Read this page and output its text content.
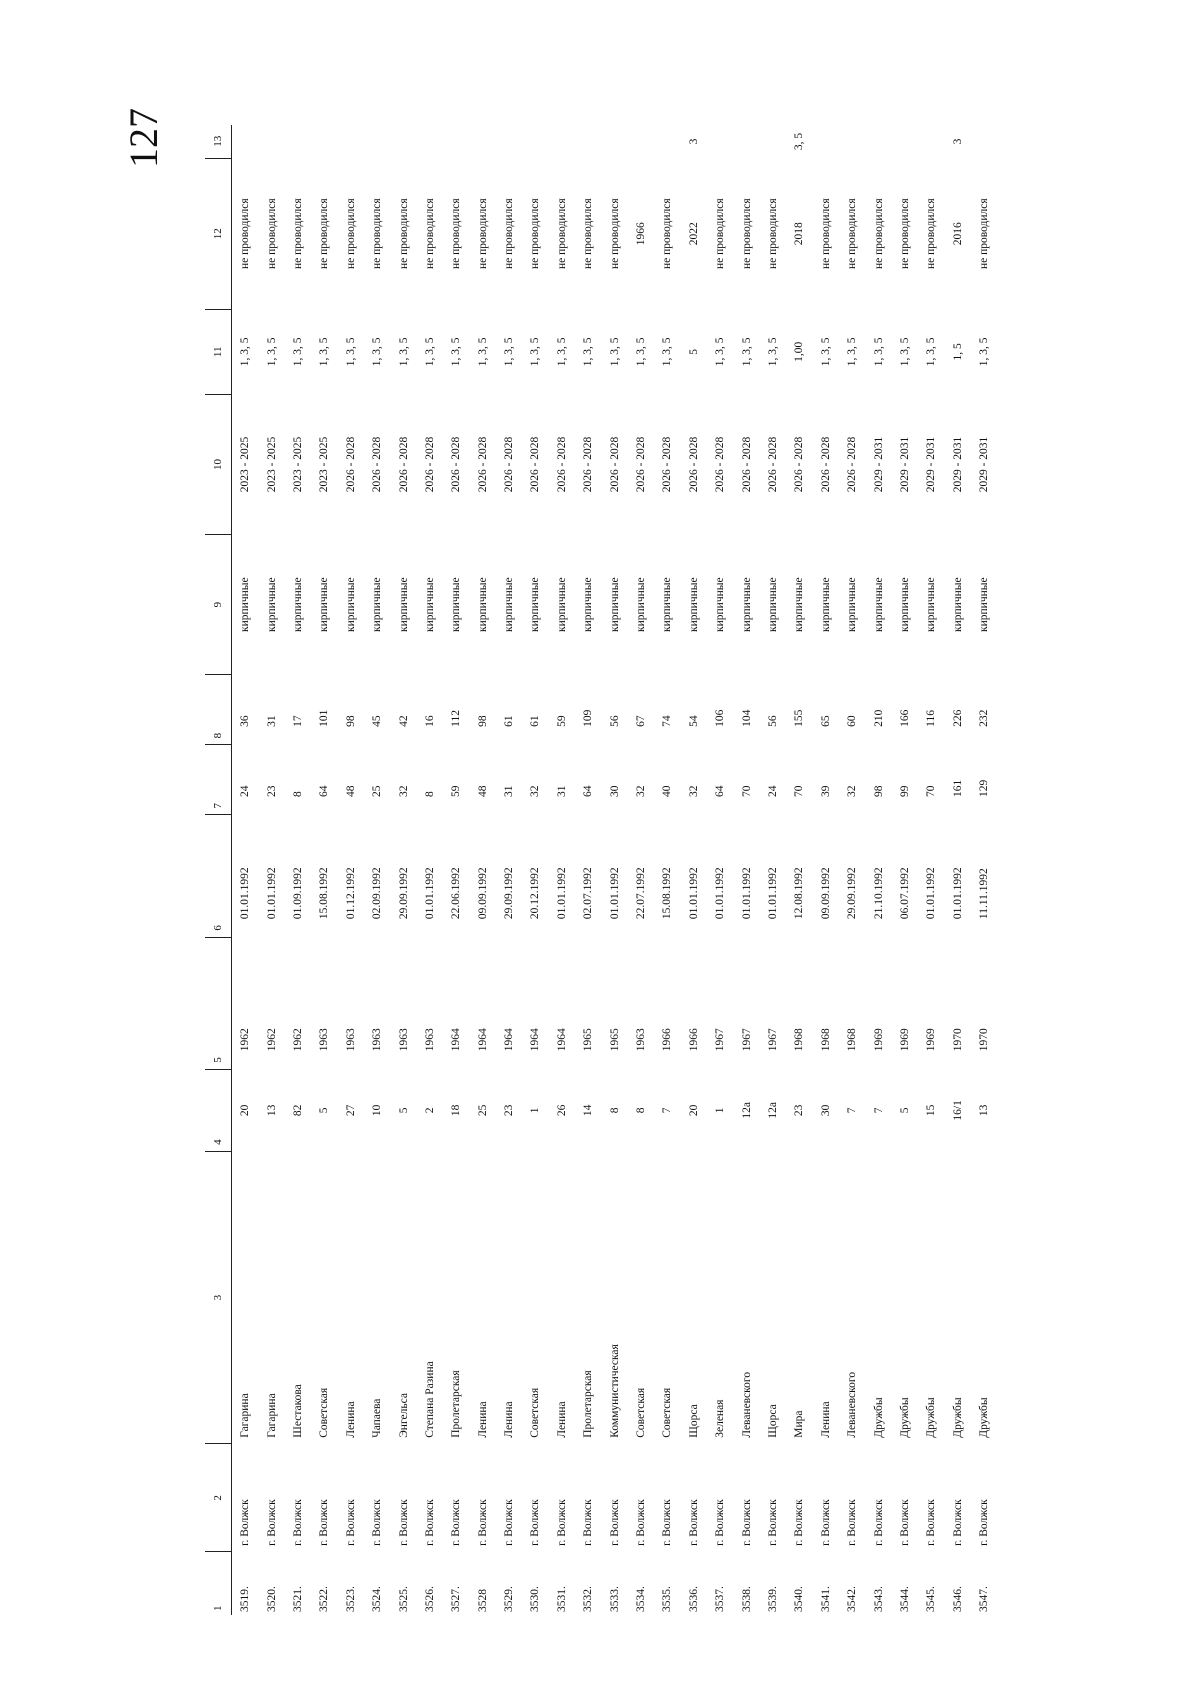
127
1	2	3	4	5	6	7	8	9	10	11	12	13
3519.	г. Волжск	Гагарина	20	1962	01.01.1992	24	36	кирпичные	2023 - 2025	1, 3, 5	не проводился	
3520.	г. Волжск	Гагарина	13	1962	01.01.1992	23	31	кирпичные	2023 - 2025	1, 3, 5	не проводился	
3521.	г. Волжск	Шестакова	82	1962	01.09.1992	8	17	кирпичные	2023 - 2025	1, 3, 5	не проводился	
3522.	г. Волжск	Советская	5	1963	15.08.1992	64	101	кирпичные	2023 - 2025	1, 3, 5	не проводился	
3523.	г. Волжск	Ленина	27	1963	01.12.1992	48	98	кирпичные	2026 - 2028	1, 3, 5	не проводился	
3524.	г. Волжск	Чапаева	10	1963	02.09.1992	25	45	кирпичные	2026 - 2028	1, 3, 5	не проводился	
3525.	г. Волжск	Энгельса	5	1963	29.09.1992	32	42	кирпичные	2026 - 2028	1, 3, 5	не проводился	
3526.	г. Волжск	Степана Разина	2	1963	01.01.1992	8	16	кирпичные	2026 - 2028	1, 3, 5	не проводился	
3527.	г. Волжск	Пролетарская	18	1964	22.06.1992	59	112	кирпичные	2026 - 2028	1, 3, 5	не проводился	
3528	г. Волжск	Ленина	25	1964	09.09.1992	48	98	кирпичные	2026 - 2028	1, 3, 5	не проводился	
3529.	г. Волжск	Ленина	23	1964	29.09.1992	31	61	кирпичные	2026 - 2028	1, 3, 5	не проводился	
3530.	г. Волжск	Советская	1	1964	20.12.1992	32	61	кирпичные	2026 - 2028	1, 3, 5	не проводился	
3531.	г. Волжск	Ленина	26	1964	01.01.1992	31	59	кирпичные	2026 - 2028	1, 3, 5	не проводился	
3532.	г. Волжск	Пролетарская	14	1965	02.07.1992	64	109	кирпичные	2026 - 2028	1, 3, 5	не проводился	
3533.	г. Волжск	Коммунистическая	8	1965	01.01.1992	30	56	кирпичные	2026 - 2028	1, 3, 5	не проводился	
3534.	г. Волжск	Советская	8	1963	22.07.1992	32	67	кирпичные	2026 - 2028	1, 3, 5	1966	
3535.	г. Волжск	Советская	7	1966	15.08.1992	40	74	кирпичные	2026 - 2028	1, 3, 5	не проводился	
3536.	г. Волжск	Щорса	20	1966	01.01.1992	32	54	кирпичные	2026 - 2028	5	2022	3
3537.	г. Волжск	Зеленая	1	1967	01.01.1992	64	106	кирпичные	2026 - 2028	1, 3, 5	не проводился	
3538.	г. Волжск	Леваневского	12а	1967	01.01.1992	70	104	кирпичные	2026 - 2028	1, 3, 5	не проводился	
3539.	г. Волжск	Щорса	12а	1967	01.01.1992	24	56	кирпичные	2026 - 2028	1, 3, 5	не проводился	
3540.	г. Волжск	Мира	23	1968	12.08.1992	70	155	кирпичные	2026 - 2028	1,00	2018	3, 5
3541.	г. Волжск	Ленина	30	1968	09.09.1992	39	65	кирпичные	2026 - 2028	1, 3, 5	не проводился	
3542.	г. Волжск	Леваневского	7	1968	29.09.1992	32	60	кирпичные	2026 - 2028	1, 3, 5	не проводился	
3543.	г. Волжск	Дружбы	7	1969	21.10.1992	98	210	кирпичные	2029 - 2031	1, 3, 5	не проводился	
3544.	г. Волжск	Дружбы	5	1969	06.07.1992	99	166	кирпичные	2029 - 2031	1, 3, 5	не проводился	
3545.	г. Волжск	Дружбы	15	1969	01.01.1992	70	116	кирпичные	2029 - 2031	1, 3, 5	не проводился	
3546.	г. Волжск	Дружбы	16/1	1970	01.01.1992	161	226	кирпичные	2029 - 2031	1, 5	2016	3
3547.	г. Волжск	Дружбы	13	1970	11.11.1992	129	232	кирпичные	2029 - 2031	1, 3, 5	не проводился	
